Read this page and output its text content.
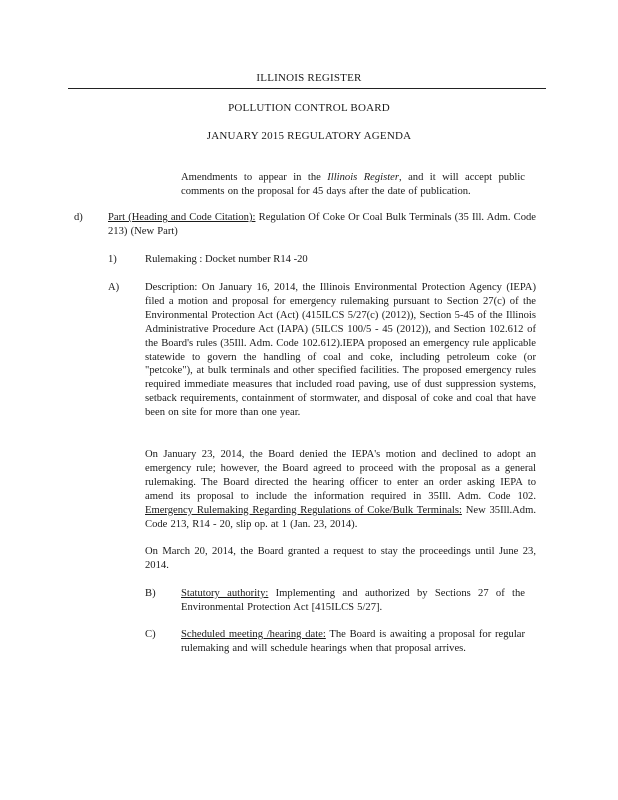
ILLINOIS REGISTER
POLLUTION CONTROL BOARD
JANUARY 2015 REGULATORY AGENDA
Amendments to appear in the Illinois Register, and it will accept public comments on the proposal for 45 days after the date of publication.
d) Part (Heading and Code Citation): Regulation Of Coke Or Coal Bulk Terminals (35 Ill. Adm. Code 213) (New Part)
1)	Rulemaking : Docket number R14 -20
A) Description: On January 16, 2014, the Illinois Environmental Protection Agency (IEPA) filed a motion and proposal for emergency rulemaking pursuant to Section 27(c) of the Environmental Protection Act (Act) (415ILCS 5/27(c) (2012)), Section 5-45 of the Illinois Administrative Procedure Act (IAPA) (5ILCS 100/5 - 45 (2012)), and Section 102.612 of the Board's rules (35Ill. Adm. Code 102.612).IEPA proposed an emergency rule applicable statewide to govern the handling of coal and coke, including petroleum coke (or "petcoke"), at bulk terminals and other specified facilities. The proposed emergency rules required immediate measures that included road paving, use of dust suppression systems, setback requirements, containment of stormwater, and disposal of coke and coal that have been on site for more than one year.
On January 23, 2014, the Board denied the IEPA's motion and declined to adopt an emergency rule; however, the Board agreed to proceed with the proposal as a general rulemaking. The Board directed the hearing officer to enter an order asking IEPA to amend its proposal to include the information required in 35Ill. Adm. Code 102. Emergency Rulemaking Regarding Regulations of Coke/Bulk Terminals: New 35Ill.Adm. Code 213, R14 - 20, slip op. at 1 (Jan. 23, 2014).
On March 20, 2014, the Board granted a request to stay the proceedings until June 23, 2014.
B) Statutory authority: Implementing and authorized by Sections 27 of the Environmental Protection Act [415ILCS 5/27].
C) Scheduled meeting /hearing date: The Board is awaiting a proposal for regular rulemaking and will schedule hearings when that proposal arrives.
